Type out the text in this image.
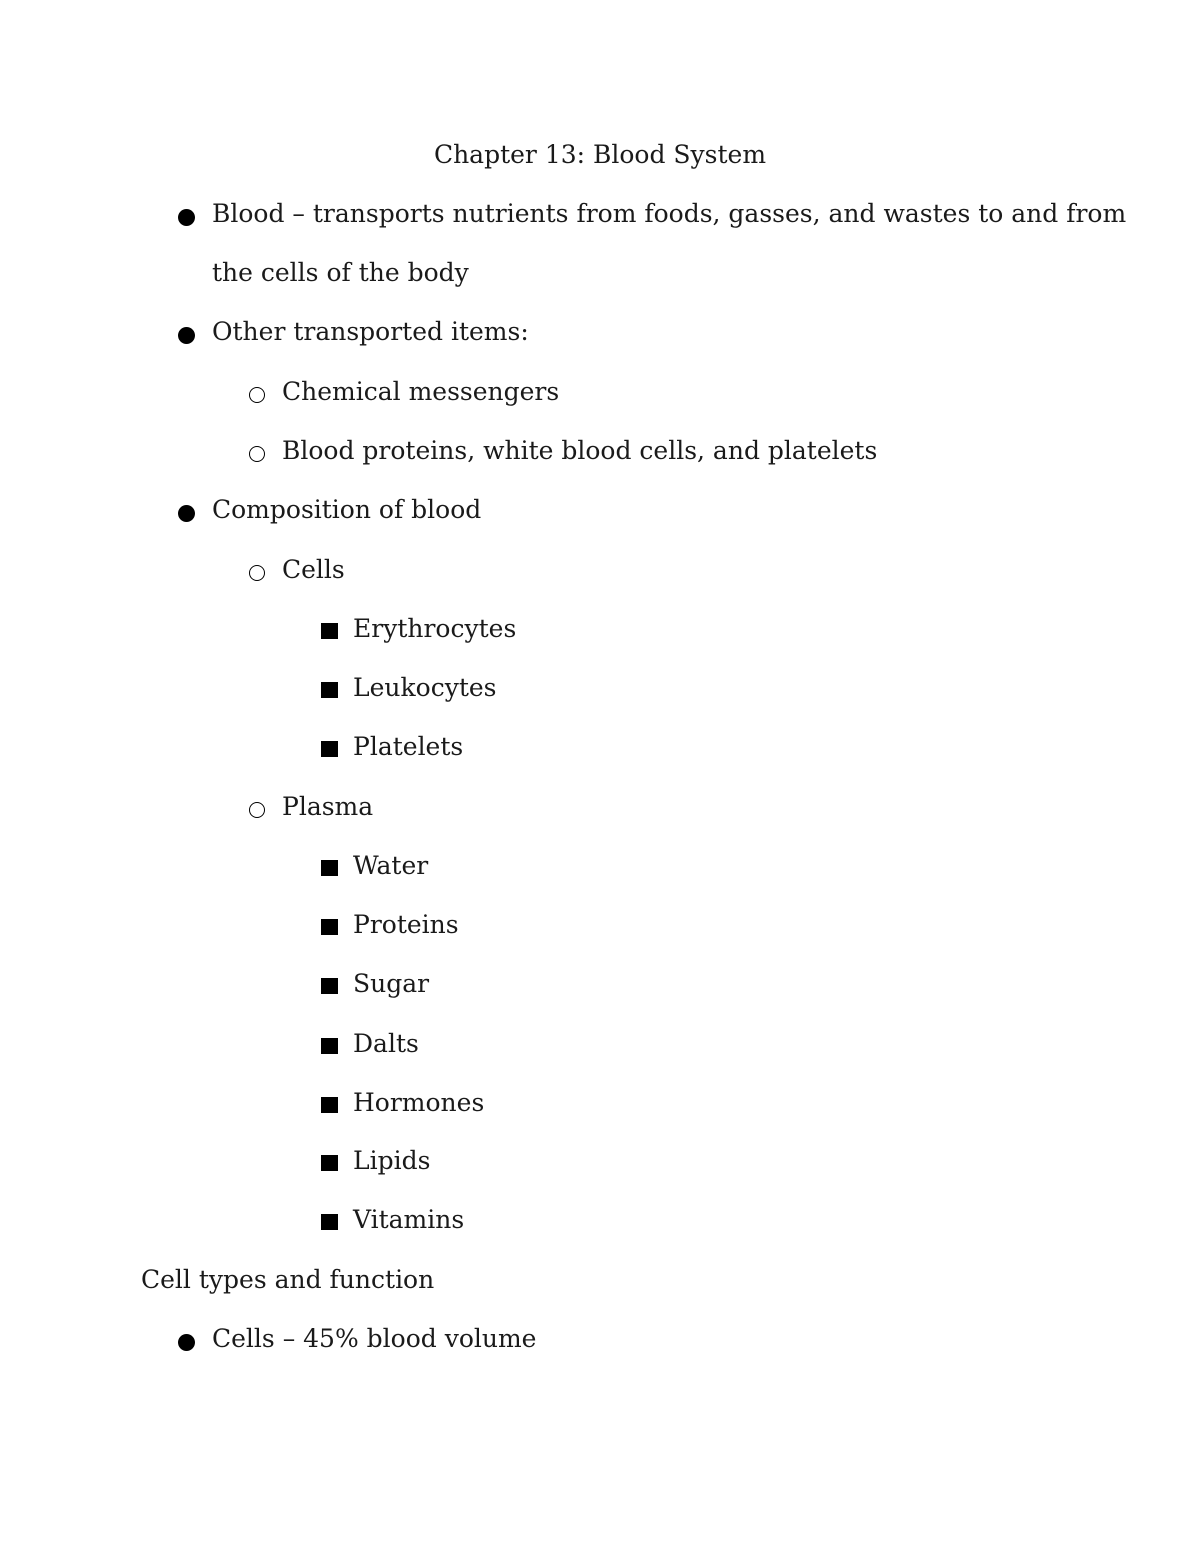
Chapter 13: Blood System
Blood – transports nutrients from foods, gasses, and wastes to and from
the cells of the body
Other transported items:
Chemical messengers
Blood proteins, white blood cells, and platelets
Composition of blood
Cells
Erythrocytes
Leukocytes
Platelets
Plasma
Water
Proteins
Sugar
Dalts
Hormones
Lipids
Vitamins
Cell types and function
Cells – 45% blood volume
